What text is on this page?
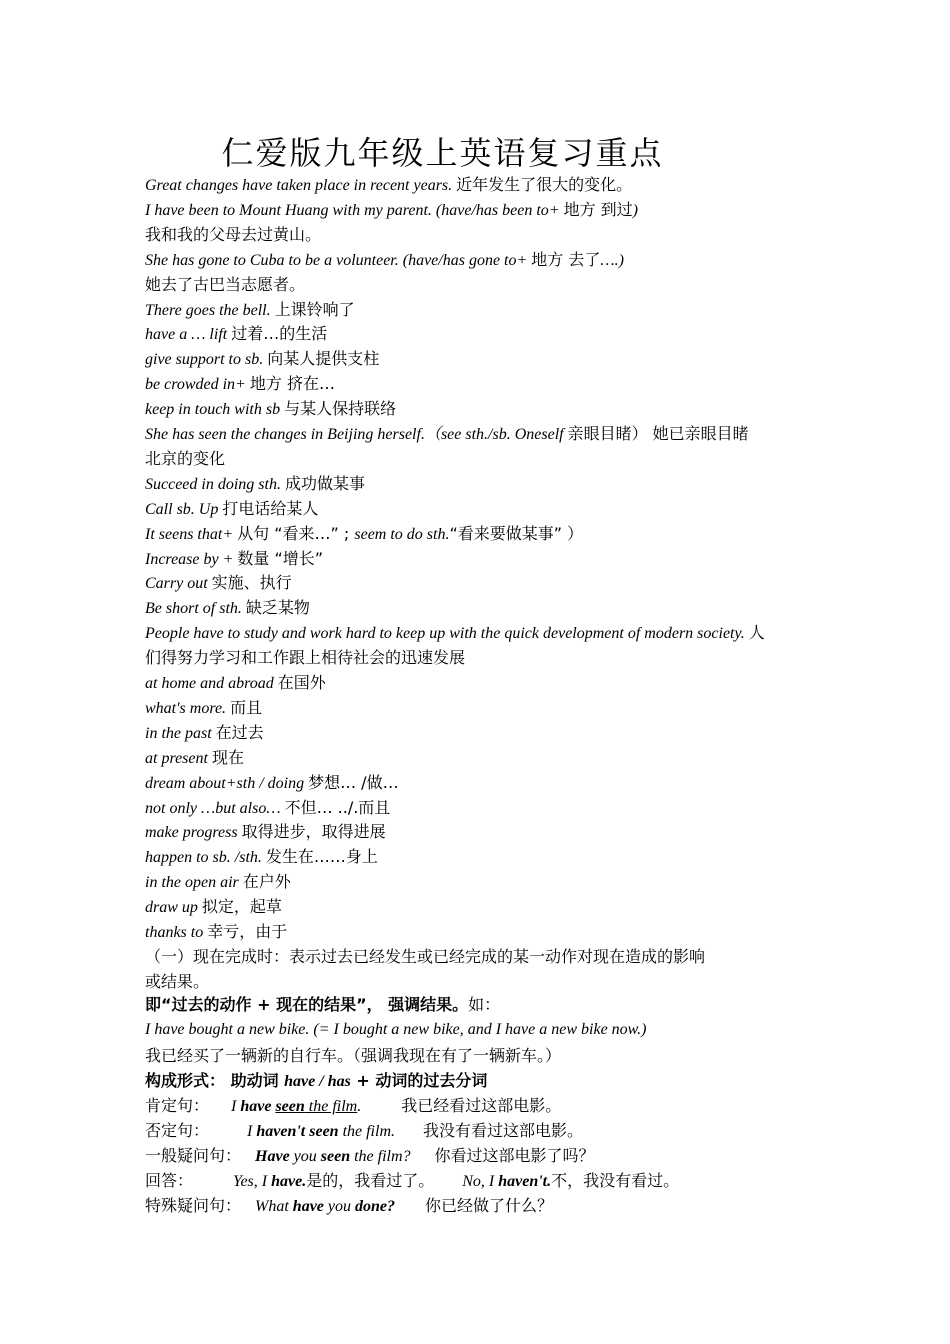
仁爱版九年级上英语复习重点
Great changes have taken place in recent years. 近年发生了很大的变化。
I have been to Mount Huang with my parent. (have/has been to+ 地方 到过)
我和我的父母去过黄山。
She has gone to Cuba to be a volunteer. (have/has gone to+ 地方 去了….)
她去了古巴当志愿者。
There goes the bell. 上课铃响了
have a … lift 过着…的生活
give support to sb. 向某人提供支柱
be crowded in+ 地方 挤在…
keep in touch with sb 与某人保持联络
She has seen the changes in Beijing herself.（see sth./sb. Oneself 亲眼目睹） 她已亲眼目睹
北京的变化
Succeed in doing sth. 成功做某事
Call sb. Up 打电话给某人
It seens that+ 从句 “看来…” ; seem to do sth.“看来要做某事” ）
Increase by + 数量 “增长”
Carry out 实施、执行
Be short of sth. 缺乏某物
People have to study and work hard to keep up with the quick development of modern society. 人
们得努力学习和工作跟上相待社会的迅速发展
at home and abroad 在国外
what's more. 而且
in the past 在过去
at present 现在
dream about+sth / doing 梦想… /做…
not only …but also… 不但… ../.而且
make progress 取得进步，取得进展
happen to sb. /sth. 发生在……身上
in the open air 在户外
draw up 拟定，起草
thanks to 幸亏，由于
（一）现在完成时：表示过去已经发生或已经完成的某一动作对现在造成的影响
或结果。
即“过去的动作 + 现在的结果”， 强调结果。如：
I have bought a new bike. (= I bought a new bike, and I have a new bike now.)
我已经买了一辆新的自行车。（强调我现在有了一辆新车。）
构成形式： 助动词 have / has + 动词的过去分词
肯定句： I have seen the film.	我已经看过这部电影。
否定句： I haven't seen the film. 我没有看过这部电影。
一般疑问句： Have you seen the film? 你看过这部电影了吗？
回答：	Yes, I have.是的，我看过了。 No, I haven't.不，我没有看过。
特殊疑问句： What have you done? 你已经做了什么？
